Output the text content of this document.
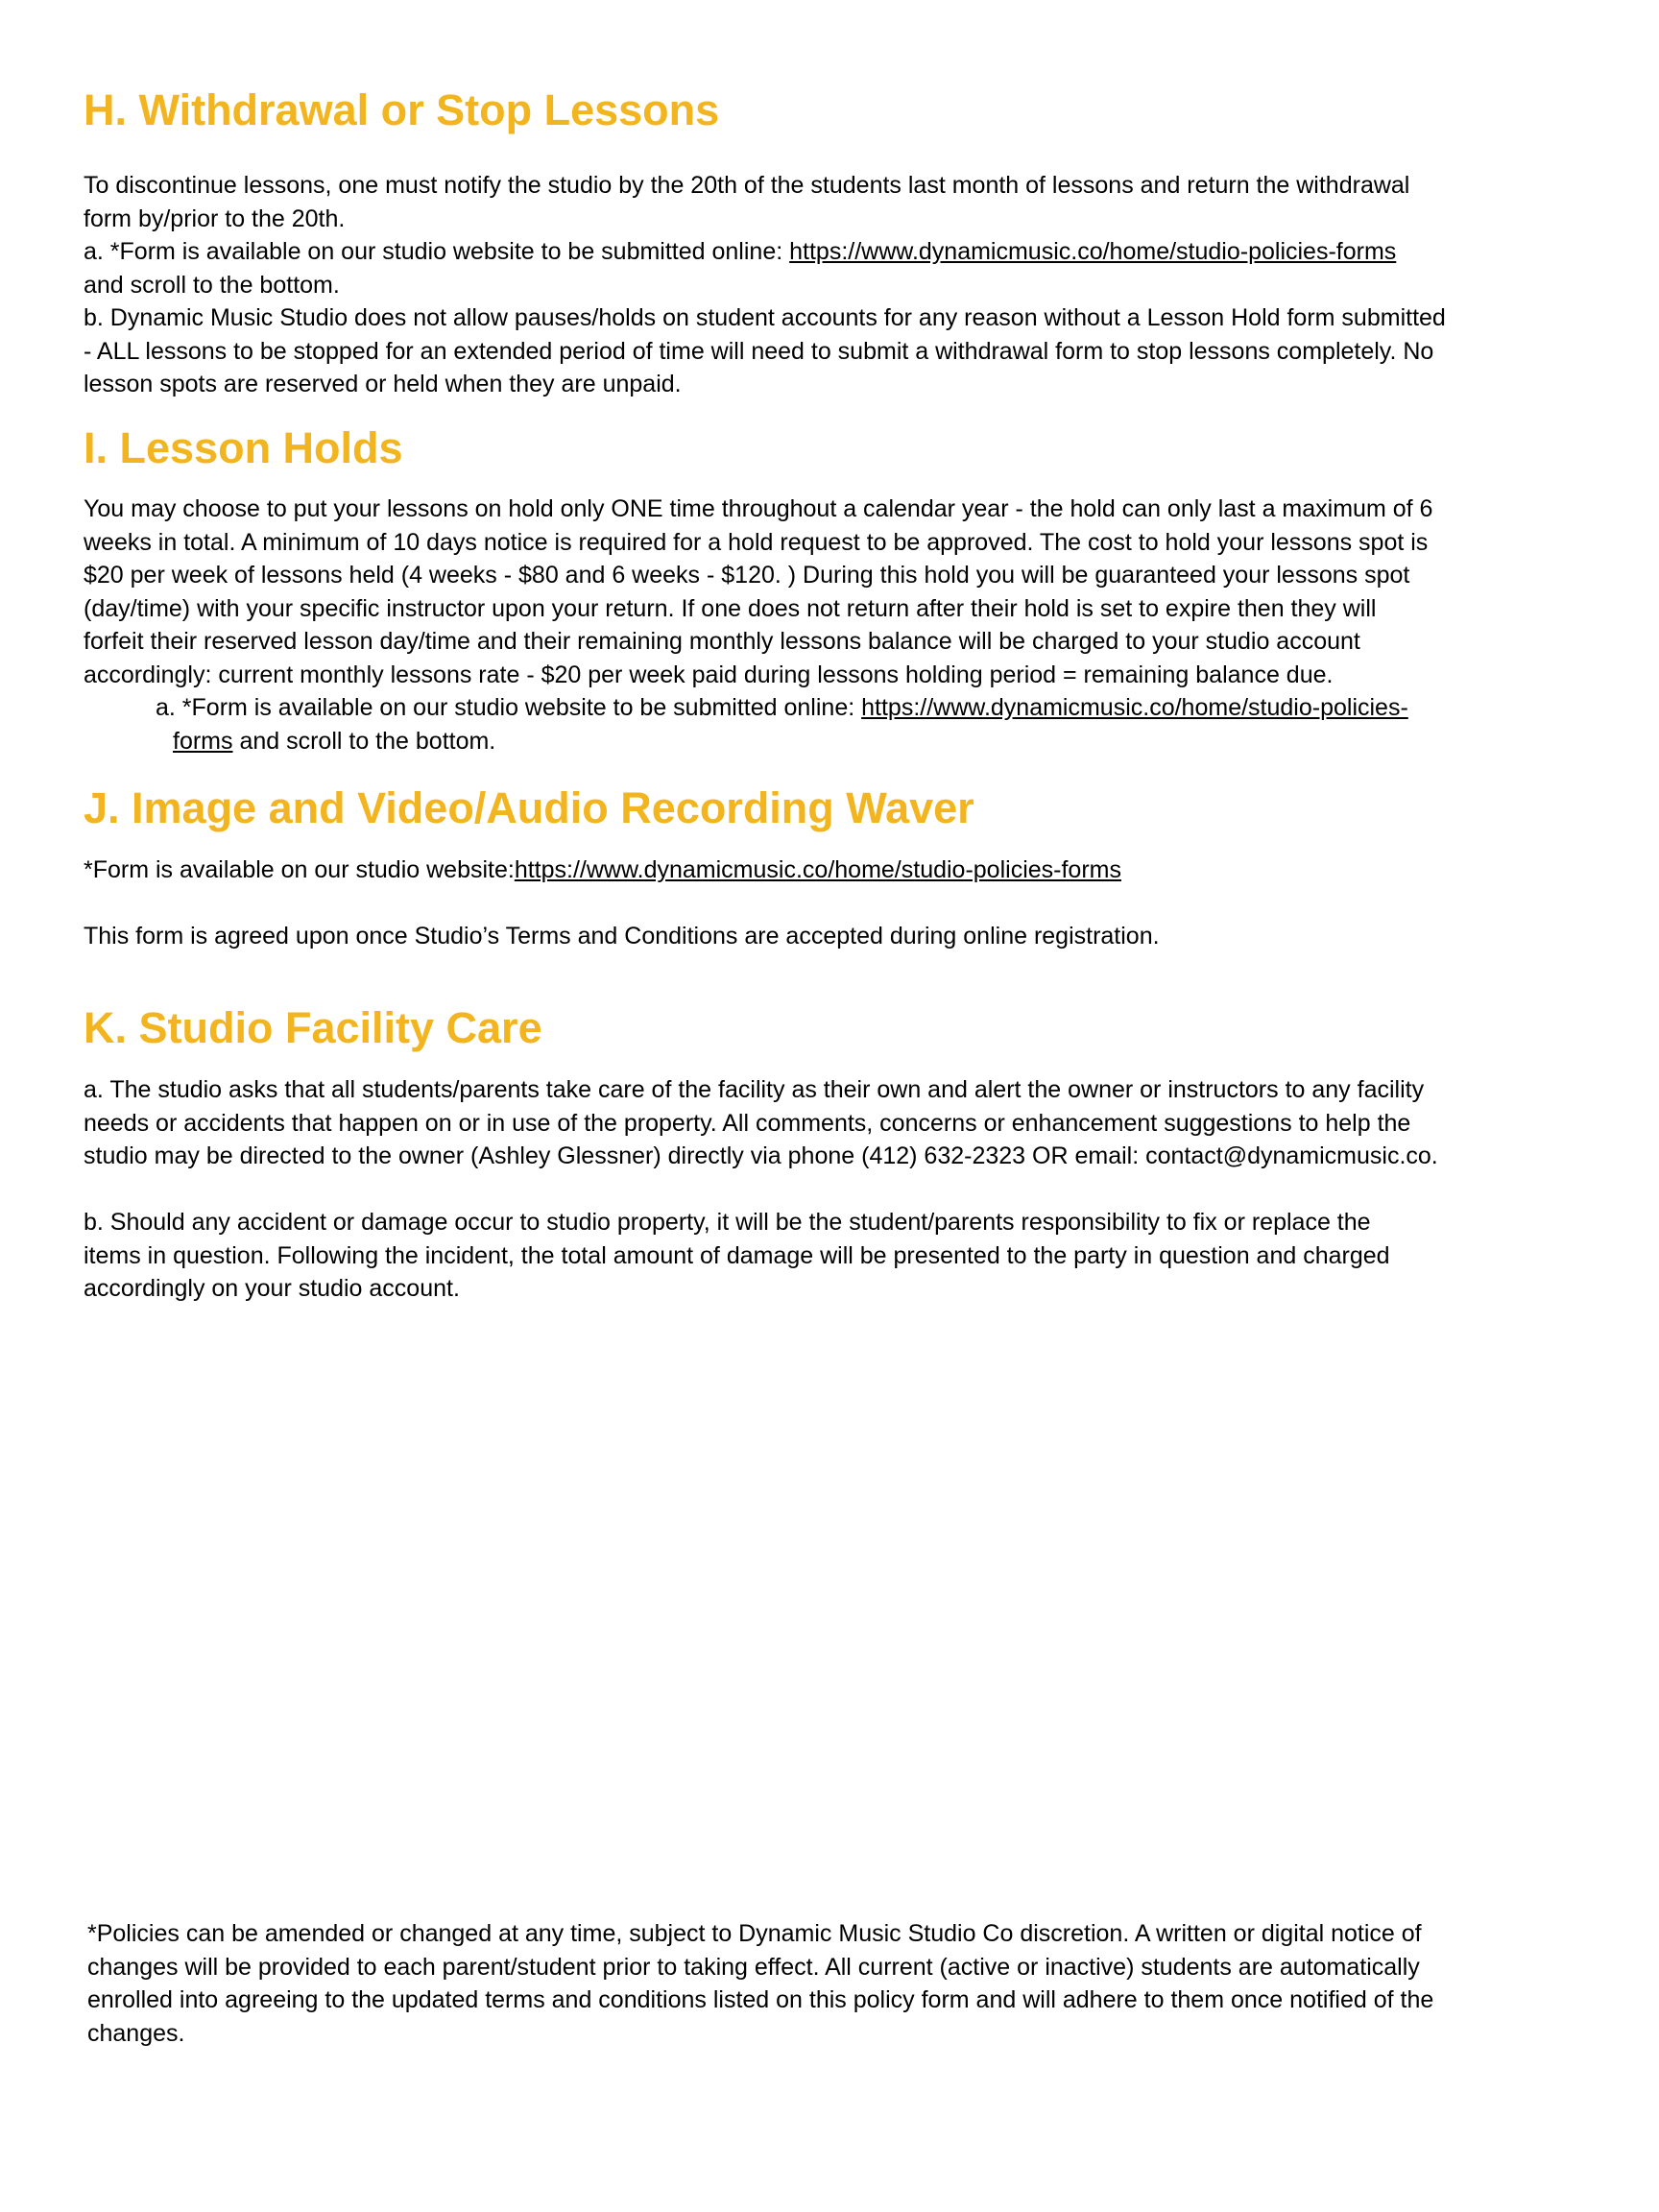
H. Withdrawal or Stop Lessons

To discontinue lessons, one must notify the studio by the 20th of the students last month of lessons and return the withdrawal
form by/prior to the 20th.
a. *Form is available on our studio website to be submitted online: https://www.dynamicmusic.co/home/studio-policies-forms
and scroll to the bottom.
b. Dynamic Music Studio does not allow pauses/holds on student accounts for any reason without a Lesson Hold form submitted
- ALL lessons to be stopped for an extended period of time will need to submit a withdrawal form to stop lessons completely. No
lesson spots are reserved or held when they are unpaid.

I. Lesson Holds

You may choose to put your lessons on hold only ONE time throughout a calendar year - the hold can only last a maximum of 6
weeks in total. A minimum of 10 days notice is required for a hold request to be approved. The cost to hold your lessons spot is
$20 per week of lessons held (4 weeks - $80 and 6 weeks - $120. ) During this hold you will be guaranteed your lessons spot
(day/time) with your specific instructor upon your return. If one does not return after their hold is set to expire then they will
forfeit their reserved lesson day/time and their remaining monthly lessons balance will be charged to your studio account
accordingly: current monthly lessons rate - $20 per week paid during lessons holding period = remaining balance due.

a. *Form is available on our studio website to be submitted online: https://www.dynamicmusic.co/home/studio-policies-

forms and scroll to the bottom.

J. Image and Video/Audio Recording Waver

*Form is available on our studio website:https://www.dynamicmusic.co/home/studio-policies-forms

This form is agreed upon once Studio’s Terms and Conditions are accepted during online registration.

K. Studio Facility Care

a. The studio asks that all students/parents take care of the facility as their own and alert the owner or instructors to any facility
needs or accidents that happen on or in use of the property. All comments, concerns or enhancement suggestions to help the
studio may be directed to the owner (Ashley Glessner) directly via phone (412) 632-2323 OR email: contact@dynamicmusic.co.

b. Should any accident or damage occur to studio property, it will be the student/parents responsibility to fix or replace the
items in question. Following the incident, the total amount of damage will be presented to the party in question and charged
accordingly on your studio account.

*Policies can be amended or changed at any time, subject to Dynamic Music Studio Co discretion. A written or digital notice of
changes will be provided to each parent/student prior to taking effect. All current (active or inactive) students are automatically
enrolled into agreeing to the updated terms and conditions listed on this policy form and will adhere to them once notified of the
changes.
